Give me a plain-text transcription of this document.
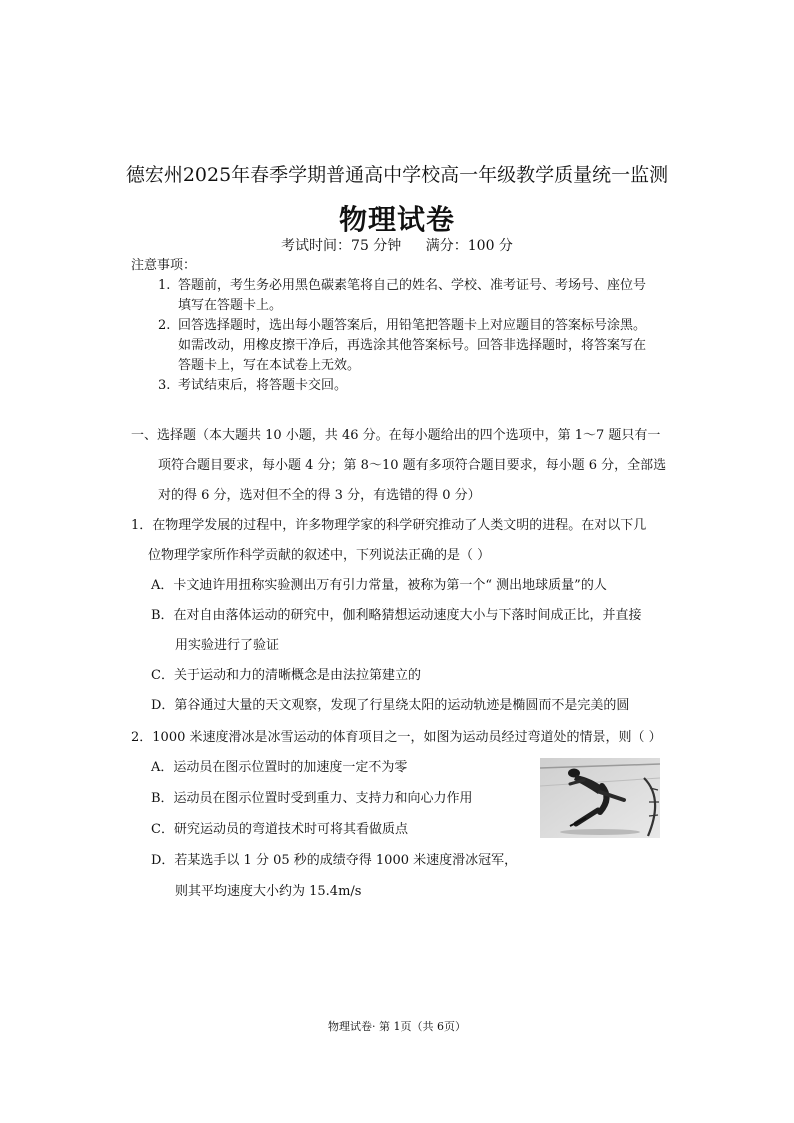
德宏州2025年春季学期普通高中学校高一年级教学质量统一监测
物理试卷
考试时间：75 分钟 满分：100 分
注意事项：
1. 答题前，考生务必用黑色碳素笔将自己的姓名、学校、准考证号、考场号、座位号
填写在答题卡上。
2. 回答选择题时，选出每小题答案后，用铅笔把答题卡上对应题目的答案标号涂黑。
如需改动，用橡皮擦干净后，再选涂其他答案标号。回答非选择题时，将答案写在
答题卡上，写在本试卷上无效。
3. 考试结束后，将答题卡交回。
一、选择题（本大题共 10 小题，共 46 分。在每小题给出的四个选项中，第 1～7 题只有一
项符合题目要求，每小题 4 分；第 8～10 题有多项符合题目要求，每小题 6 分，全部选
对的得 6 分，选对但不全的得 3 分，有选错的得 0 分）
1．在物理学发展的过程中，许多物理学家的科学研究推动了人类文明的进程。在对以下几
位物理学家所作科学贡献的叙述中，下列说法正确的是（ ）
A．卡文迪许用扭称实验测出万有引力常量，被称为第一个“ 测出地球质量”的人
B．在对自由落体运动的研究中，伽利略猜想运动速度大小与下落时间成正比，并直接
用实验进行了验证
C．关于运动和力的清晰概念是由法拉第建立的
D．第谷通过大量的天文观察，发现了行星绕太阳的运动轨迹是椭圆而不是完美的圆
2．1000 米速度滑冰是冰雪运动的体育项目之一，如图为运动员经过弯道处的情景，则（ ）
A．运动员在图示位置时的加速度一定不为零
B．运动员在图示位置时受到重力、支持力和向心力作用
C．研究运动员的弯道技术时可将其看做质点
D．若某选手以 1 分 05 秒的成绩夺得 1000 米速度滑冰冠军，
则其平均速度大小约为 15.4m/s
物理试卷· 第 1页（共 6页）
